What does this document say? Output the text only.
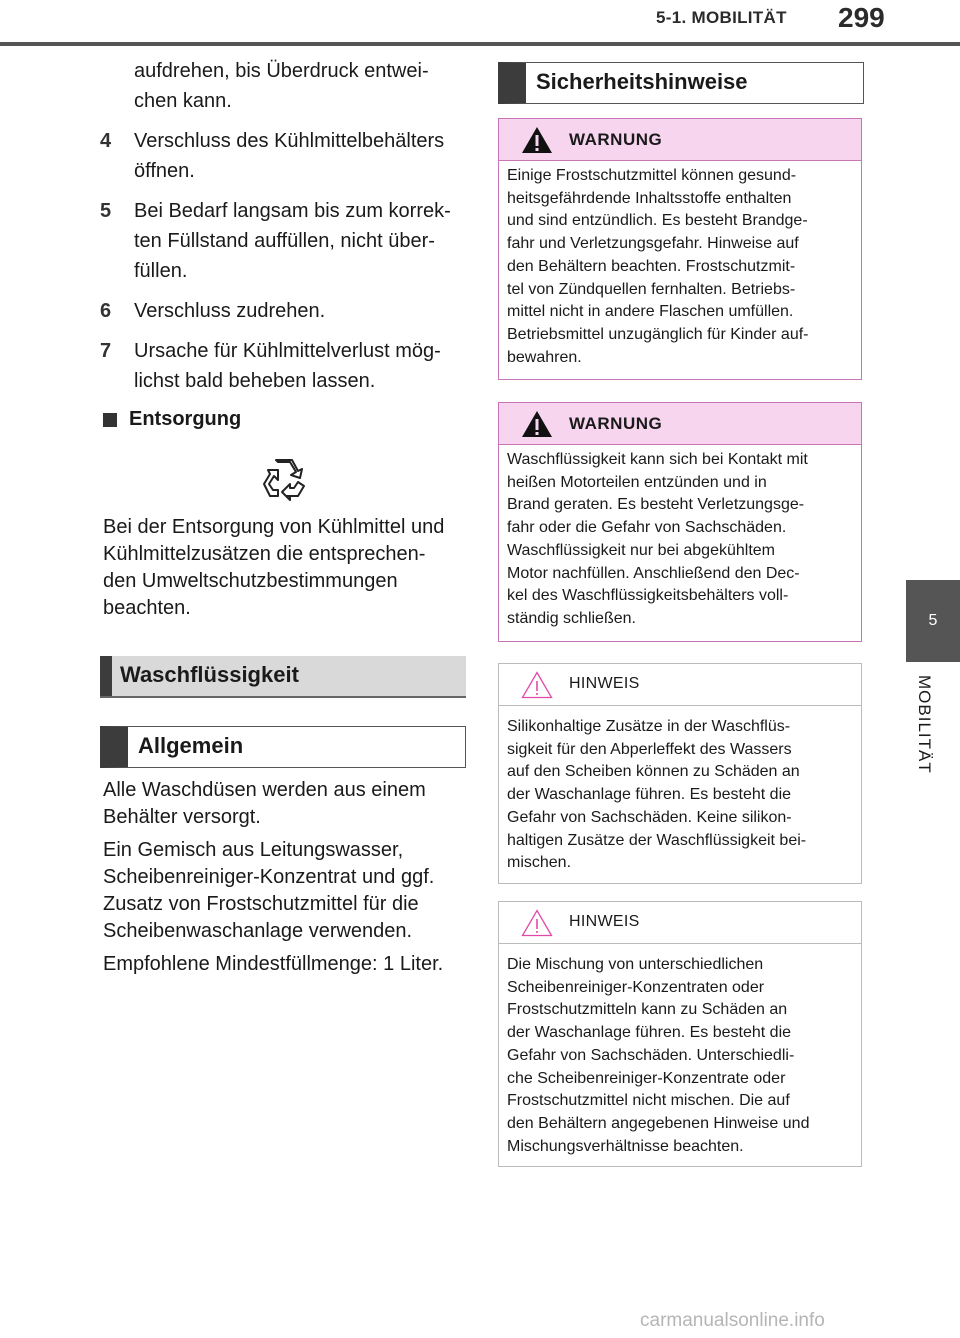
5-1. MOBILITÄT 299
5
MOBILITÄT
aufdrehen, bis Überdruck entwei-
chen kann.
4 Verschluss des Kühlmittelbehälters
öffnen.
5 Bei Bedarf langsam bis zum korrek-
ten Füllstand auffüllen, nicht über-
füllen.
6 Verschluss zudrehen.
7 Ursache für Kühlmittelverlust mög-
lichst bald beheben lassen.
Entsorgung
Bei der Entsorgung von Kühlmittel und
Kühlmittelzusätzen die entsprechen-
den Umweltschutzbestimmungen
beachten.
Waschflüssigkeit
Allgemein
Alle Waschdüsen werden aus einem
Behälter versorgt.
Ein Gemisch aus Leitungswasser,
Scheibenreiniger-Konzentrat und ggf.
Zusatz von Frostschutzmittel für die
Scheibenwaschanlage verwenden.
Empfohlene Mindestfüllmenge: 1 Liter.
Sicherheitshinweise
WARNUNG
Einige Frostschutzmittel können gesund-
heitsgefährdende Inhaltsstoffe enthalten
und sind entzündlich. Es besteht Brandge-
fahr und Verletzungsgefahr. Hinweise auf
den Behältern beachten. Frostschutzmit-
tel von Zündquellen fernhalten. Betriebs-
mittel nicht in andere Flaschen umfüllen.
Betriebsmittel unzugänglich für Kinder auf-
bewahren.
WARNUNG
Waschflüssigkeit kann sich bei Kontakt mit
heißen Motorteilen entzünden und in
Brand geraten. Es besteht Verletzungsge-
fahr oder die Gefahr von Sachschäden.
Waschflüssigkeit nur bei abgekühltem
Motor nachfüllen. Anschließend den Dec-
kel des Waschflüssigkeitsbehälters voll-
ständig schließen.
HINWEIS
Silikonhaltige Zusätze in der Waschflüs-
sigkeit für den Abperleffekt des Wassers
auf den Scheiben können zu Schäden an
der Waschanlage führen. Es besteht die
Gefahr von Sachschäden. Keine silikon-
haltigen Zusätze der Waschflüssigkeit bei-
mischen.
HINWEIS
Die Mischung von unterschiedlichen
Scheibenreiniger-Konzentraten oder
Frostschutzmitteln kann zu Schäden an
der Waschanlage führen. Es besteht die
Gefahr von Sachschäden. Unterschiedli-
che Scheibenreiniger-Konzentrate oder
Frostschutzmittel nicht mischen. Die auf
den Behältern angegebenen Hinweise und
Mischungsverhältnisse beachten.
carmanualsonline.info
